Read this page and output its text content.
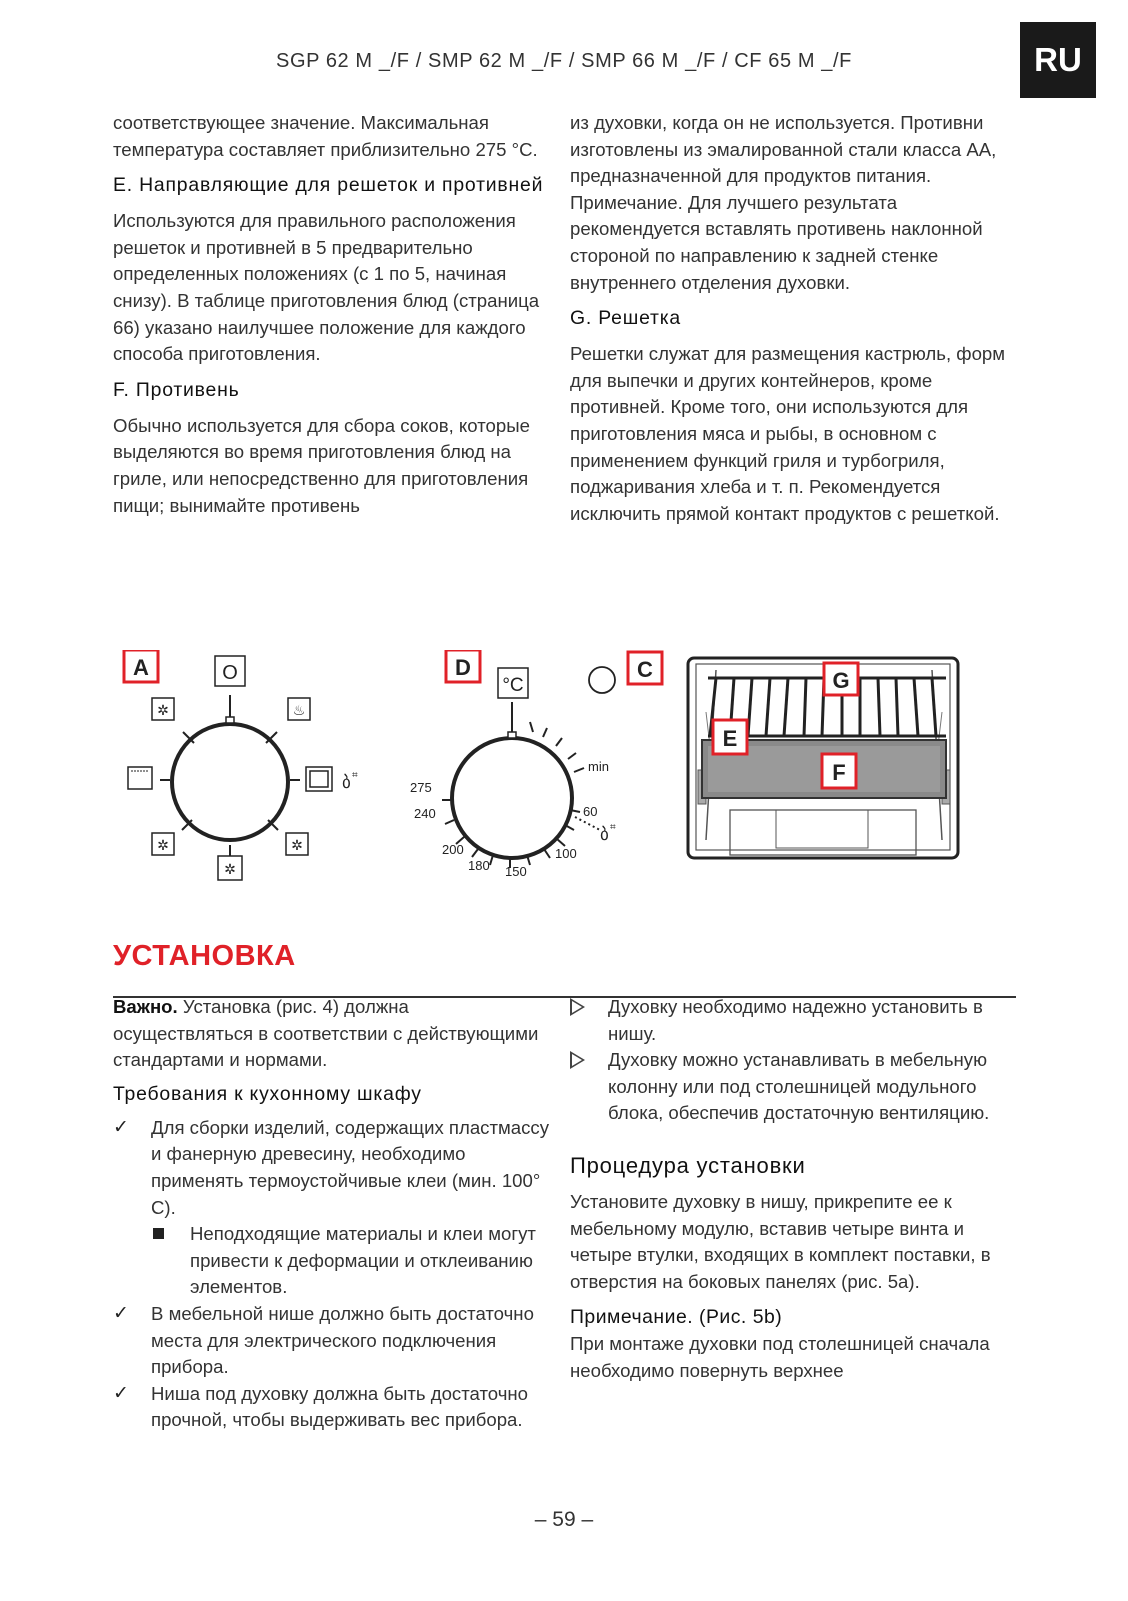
SGP 62 M _/F / SMP 62 M _/F / SMP 66 M _/F / CF 65 M _/F	RU

соответствующее значение. Максимальная температура составляет приблизительно 275 °C.

E. Направляющие для решеток и противней

Используются для правильного расположения решеток и противней в 5 предварительно определенных положениях (с 1 по 5, начиная снизу). В таблице приготовления блюд (страница 66) указано наилучшее положение для каждого способа приготовления.

F. Противень

Обычно используется для сбора соков, которые выделяются во время приготовления блюд на гриле, или непосредственно для приготовления пищи; вынимайте противень

из духовки, когда он не используется. Противни изготовлены из эмалированной стали класса АА, предназначенной для продуктов питания.

Примечание. Для лучшего результата рекомендуется вставлять противень наклонной стороной по направлению к задней стенке внутреннего отделения духовки.

G. Решетка

Решетки служат для размещения кастрюль, форм для выпечки и других контейнеров, кроме противней. Кроме того, они используются для приготовления мяса и рыбы, в основном с применением функций гриля и турбогриля, поджаривания хлеба и т. п. Рекомендуется исключить прямой контакт продуктов с решеткой.

O
✲	♨
ბ ⌗
✲	✲
✲
°C
min
60
100
150
180
200
240
275
ბ ⌗
A	D	C	G
E
F
УСТАНОВКА

Важно. Установка (рис. 4) должна осуществляться в соответствии с действующими стандартами и нормами.

Требования к кухонному шкафу
✓ Для сборки изделий, содержащих пластмассу и фанерную древесину, необходимо применять термоустойчивые клеи (мин. 100° С).

Неподходящие материалы и клеи могут привести к деформации и отклеиванию элементов.

✓ В мебельной нише должно быть достаточно места для электрического подключения прибора.

✓ Ниша под духовку должна быть достаточно прочной, чтобы выдерживать вес прибора.

Духовку необходимо надежно установить в нишу.

Духовку можно устанавливать в мебельную колонну или под столешницей модульного блока, обеспечив достаточную вентиляцию.

Процедура установки

Установите духовку в нишу, прикрепите ее к мебельному модулю, вставив четыре винта и четыре втулки, входящих в комплект поставки, в отверстия на боковых панелях (рис. 5а).

Примечание. (Рис. 5b)

При монтаже духовки под столешницей сначала необходимо повернуть верхнее

– 59 –
